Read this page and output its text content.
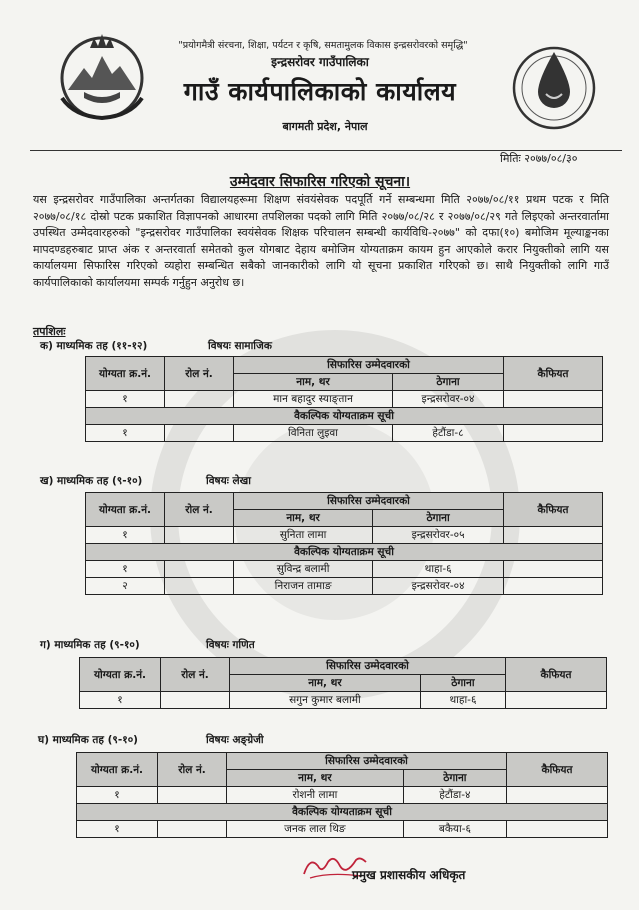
"प्रयोगमैत्री संरचना, शिक्षा, पर्यटन र कृषि, समतामुलक विकास इन्द्रसरोवरको समृद्धि"
इन्द्रसरोवर गाउँपालिका
गाउँ कार्यपालिकाको कार्यालय
बागमती प्रदेश, नेपाल
मितिः २०७७/०८/३०
उम्मेदवार सिफारिस गरिएको सूचना।
यस इन्द्रसरोवर गाउँपालिका अन्तर्गतका विद्यालयहरूमा शिक्षण संवयंसेवक पदपूर्ति गर्ने सम्बन्धमा मिति २०७७/०८/११ प्रथम पटक र मिति २०७७/०८/१८ दोस्रो पटक प्रकाशित विज्ञापनको आधारमा तपशिलका पदको लागि मिति २०७७/०८/२८ र २०७७/०८/२९ गते लिइएको अन्तरवार्तामा उपस्थित उम्मेदवारहरुको "इन्द्रसरोवर गाउँपालिका स्वयंसेवक शिक्षक परिचालन सम्बन्धी कार्यविधि-२०७७" को दफा(१०) बमोजिम मूल्याङ्कनका मापदण्डहरुबाट प्राप्त अंक र अन्तरवार्ता समेतको कुल योगबाट देहाय बमोजिम योग्यताक्रम कायम हुन आएकोले करार नियुक्तीको लागि यस कार्यालयमा सिफारिस गरिएको व्यहोरा सम्बन्धित सबैको जानकारीको लागि यो सूचना प्रकाशित गरिएको छ। साथै नियुक्तीको लागि गाउँ कार्यपालिकाको कार्यालयमा सम्पर्क गर्नुहुन अनुरोध छ।
तपशिलः
क) माध्यमिक तह (११-१२)	विषयः सामाजिक
योग्यता क्र.नं.	रोल नं.	सिफारिस उम्मेदवारको		कैफियत
		नाम, थर	ठेगाना	
१		मान बहादुर स्याङ्तान	इन्द्रसरोवर-०४	
वैकल्पिक योग्यताक्रम सूची				
१		विनिता लुइवा	हेटौंडा-८	
ख) माध्यमिक तह (९-१०)	विषयः लेखा
योग्यता क्र.नं.	रोल नं.	सिफारिस उम्मेदवारको		कैफियत
		नाम, थर	ठेगाना	
१		सुनिता लामा	इन्द्रसरोवर-०५	
वैकल्पिक योग्यताक्रम सूची				
१		सुविन्द्र बलामी	थाहा-६	
२		निराजन तामाङ	इन्द्रसरोवर-०४	
ग) माध्यमिक तह (९-१०)	विषयः गणित
योग्यता क्र.नं.	रोल नं.	सिफारिस उम्मेदवारको		कैफियत
		नाम, थर	ठेगाना	
१		सगुन कुमार बलामी	थाहा-६	
घ) माध्यमिक तह (९-१०)	विषयः अङ्ग्रेजी
योग्यता क्र.नं.	रोल नं.	सिफारिस उम्मेदवारको		कैफियत
		नाम, थर	ठेगाना	
१		रोशनी लामा	हेटौंडा-४	
वैकल्पिक योग्यताक्रम सूची				
१		जनक लाल थिङ	बकैया-६	
प्रमुख प्रशासकीय अधिकृत
